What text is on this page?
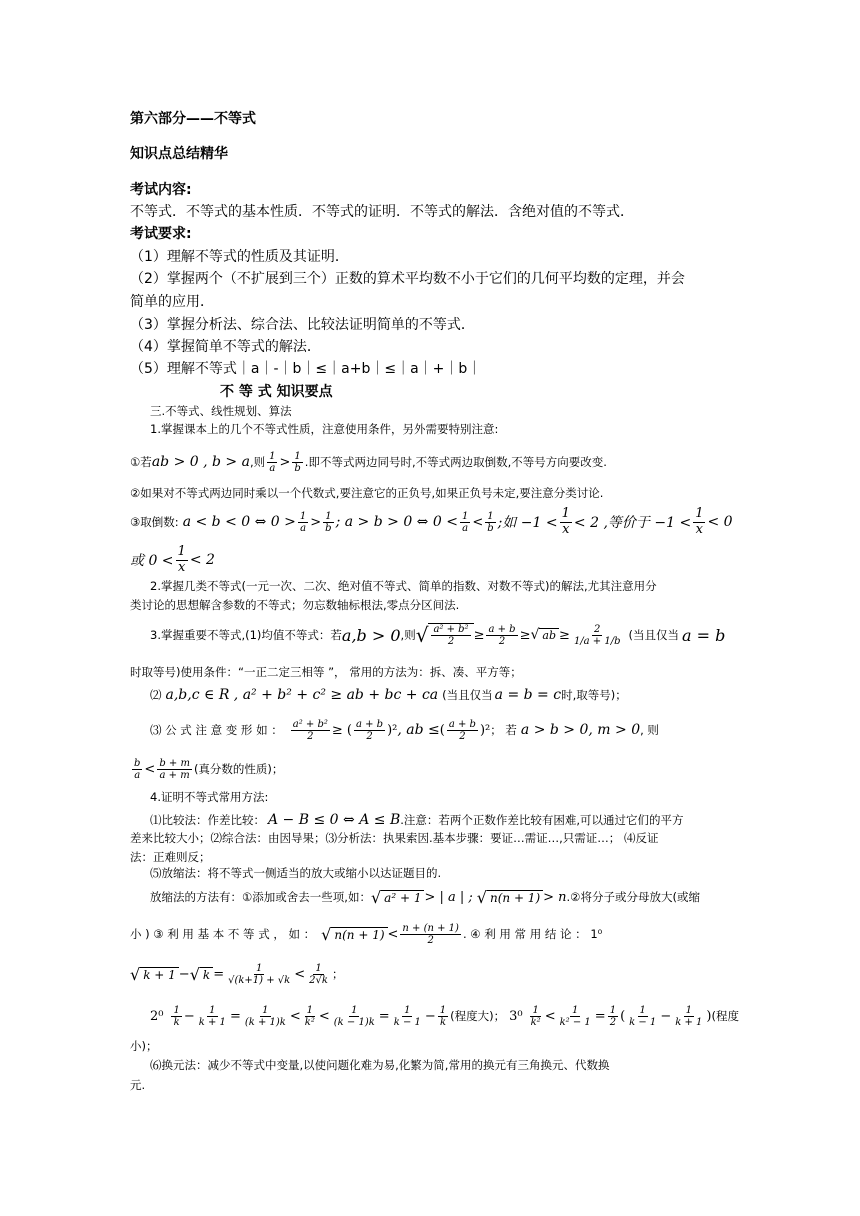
第六部分——不等式
知识点总结精华
考试内容:
不等式．不等式的基本性质．不等式的证明．不等式的解法．含绝对值的不等式．
考试要求:
（1）理解不等式的性质及其证明．
（2）掌握两个（不扩展到三个）正数的算术平均数不小于它们的几何平均数的定理，并会
简单的应用．
（3）掌握分析法、综合法、比较法证明简单的不等式．
（4）掌握简单不等式的解法．
（5）理解不等式｜a｜-｜b｜≤｜a+b｜≤｜a｜+｜b｜
不 等 式 知识要点
三.不等式、线性规划、算法
1.掌握课本上的几个不等式性质，注意使用条件，另外需要特别注意:
①若 ab > 0 , b > a ,则 $\frac{1}{a} > \frac{1}{b}$ .即不等式两边同号时,不等式两边取倒数,不等号方向要改变.
②如果对不等式两边同时乘以一个代数式,要注意它的正负号,如果正负号未定,要注意分类讨论.
③取倒数: a < b < 0 ⇔ $0 > \frac{1}{a} > \frac{1}{b}$ ; a > b > 0 ⇔ $0 < \frac{1}{a} < \frac{1}{b}$ ;如 $-1 < \frac{1}{x} < 2$ ,等价于 $-1 < \frac{1}{x} < 0$
或 $0 < \frac{1}{x} < 2$
2.掌握几类不等式(一元一次、二次、绝对值不等式、简单的指数、对数不等式)的解法,尤其注意用分
类讨论的思想解含参数的不等式；勿忘数轴标根法,零点分区间法.
3.掌握重要不等式,(1)均值不等式：若 a,b > 0 ,则 √ $\frac{\text{a² + b²}}{2} \ge \frac{a + b}{2}$ ≥ √ ab ≥ $\frac{2}{1/a + 1/b}$ (当且仅当 a = b
时取等号)使用条件：“一正二定三相等 ”， 常用的方法为：拆、凑、平方等；
⑵ a,b,c ∈ R , a² + b² + c² ≥ ab + bc + ca (当且仅当 a = b = c 时,取等号)；
⑶ 公 式 注 意 变 形 如 ： $\frac{\text{a² + b²}}{2}$ ≥ ( $\frac{a + b}{2} )^2$ , ab ≤ ( $\frac{a + b}{2} )^2$ ； 若 a > b > 0, m > 0 , 则
$\frac{b}{a} < \frac{b + m}{a + m}$ (真分数的性质)；
4.证明不等式常用方法:
⑴比较法：作差比较： A − B ≤ 0 ⇔ A ≤ B .注意：若两个正数作差比较有困难,可以通过它们的平方
差来比较大小；⑵综合法：由因导果；⑶分析法：执果索因.基本步骤：要证…需证…,只需证…； ⑷反证
法：正难则反；
⑸放缩法：将不等式一侧适当的放大或缩小以达证题目的.
放缩法的方法有：①添加或舍去一些项,如： √ a² + 1 > | a | ; √ n(n + 1) > n .②将分子或分母放大(或缩
小 ) ③ 利 用 基 本 不 等 式 ， 如 ： √ $n(n + 1) < \frac{n + (n + 1)}{2}$ . ④ 利 用 常 用 结 论 ： 1⁰
√ k + 1 − √ $k = \frac{1}{√(k+1) + √k} < \frac{1}{2√k}$ ；
$2^0 \frac{1}{k} - \frac{1}{k + 1} = \frac{1}{(k + 1)k} < \frac{1}{\text{k²}} < \frac{1}{(k - 1)k} = \frac{1}{k - 1} - \frac{1}{k}$ (程度大)； $3^0 \frac{1}{\text{k²}} < \frac{1}{\text{k² − 1}} = \frac{1}{2}$ ( $\frac{1}{k - 1} - \frac{1}{k + 1}$ ) (程度
小)；
⑹换元法：减少不等式中变量,以使问题化难为易,化繁为简,常用的换元有三角换元、代数换
元.
